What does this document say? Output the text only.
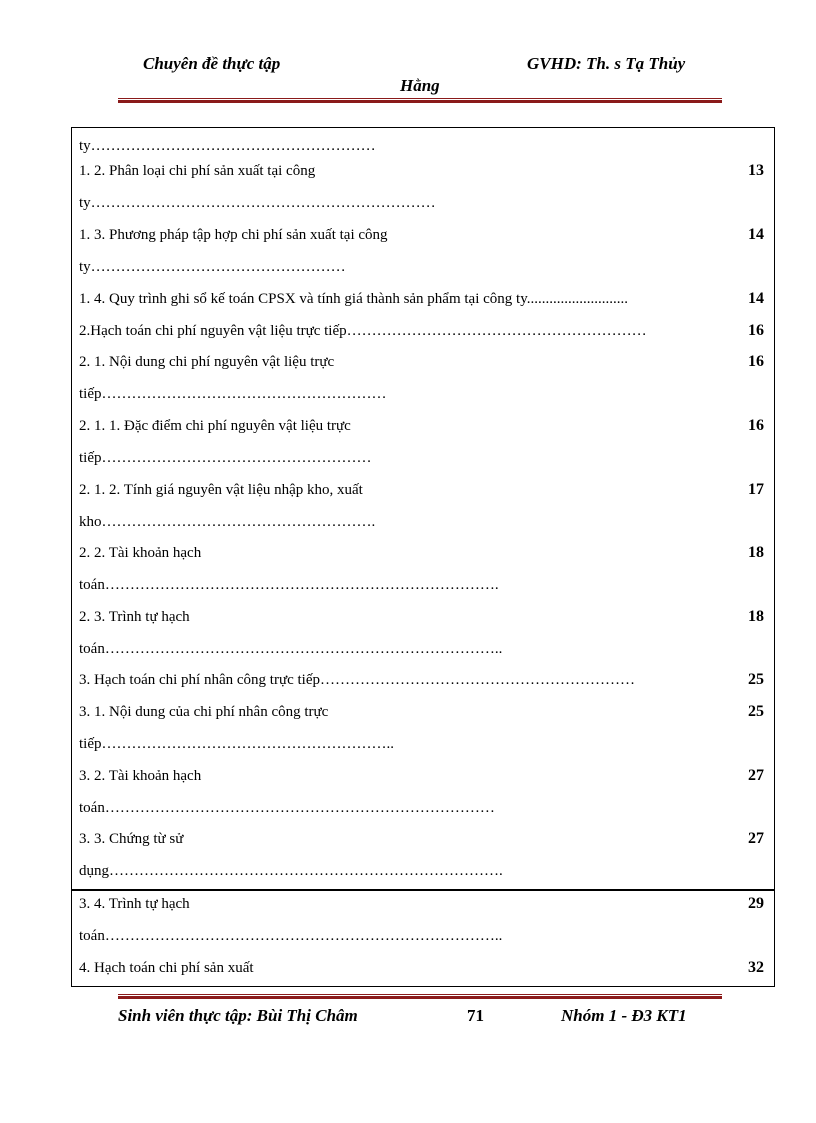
Chuyên đề thực tập	GVHD: Th. s Tạ Thủy
Hằng
ty…………………………………………………
1. 2. Phân loại chi phí sản xuất tại công	13
ty……………………………………………………………
1. 3. Phương pháp tập hợp chi phí sản xuất tại công	14
ty……………………………………………
1. 4. Quy trình ghi sổ kế toán CPSX và tính giá thành sản phẩm tại công ty...........................	14
2.Hạch toán chi phí nguyên vật liệu trực tiếp……………………………………………………	16
2. 1. Nội dung chi phí nguyên vật liệu trực	16
tiếp…………………………………………………
2. 1. 1. Đặc điểm chi phí nguyên vật liệu trực	16
tiếp………………………………………………
2. 1. 2. Tính giá nguyên vật liệu nhập kho, xuất	17
kho……………………………………………….
2. 2. Tài khoản hạch	18
toán…………………………………………………………………….
2. 3. Trình tự hạch	18
toán……………………………………………………………………..
3. Hạch toán chi phí nhân công trực tiếp………………………………………………………	25
3. 1. Nội dung của chi phí nhân công trực	25
tiếp…………………………………………………..
3. 2. Tài khoản hạch	27
toán……………………………………………………………………
3. 3. Chứng từ sử	27
dụng…………………………………………………………………….
3. 4. Trình tự hạch	29
toán……………………………………………………………………..
4. Hạch toán chi phí sản xuất	32
Sinh viên thực tập: Bùi Thị Châm	71	Nhóm 1 - Đ3 KT1
